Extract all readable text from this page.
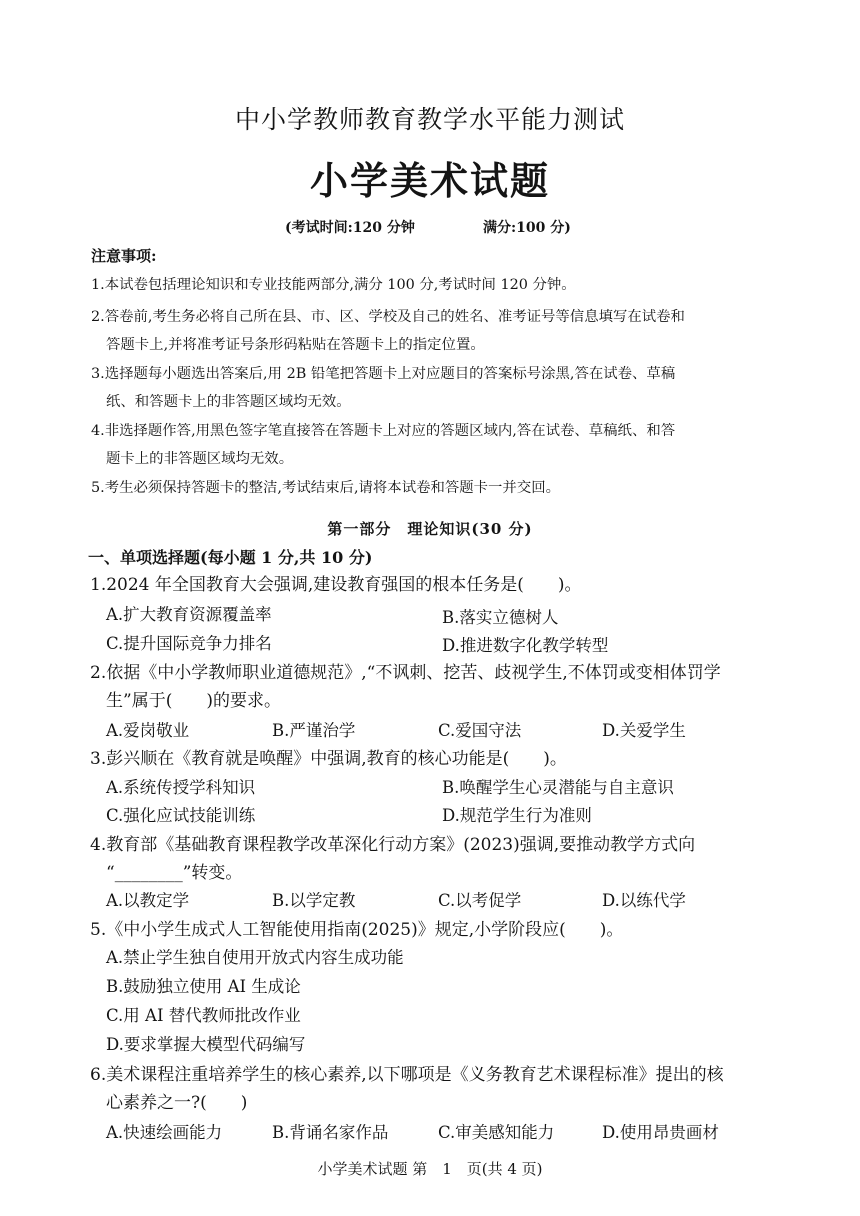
中小学教师教育教学水平能力测试
小学美术试题
(考试时间:120 分钟	满分:100 分)
注意事项:
1.本试卷包括理论知识和专业技能两部分,满分 100 分,考试时间 120 分钟。
2.答卷前,考生务必将自己所在县、市、区、学校及自己的姓名、准考证号等信息填写在试卷和
答题卡上,并将准考证号条形码粘贴在答题卡上的指定位置。
3.选择题每小题选出答案后,用 2B 铅笔把答题卡上对应题目的答案标号涂黑,答在试卷、草稿
纸、和答题卡上的非答题区域均无效。
4.非选择题作答,用黑色签字笔直接答在答题卡上对应的答题区域内,答在试卷、草稿纸、和答
题卡上的非答题区域均无效。
5.考生必须保持答题卡的整洁,考试结束后,请将本试卷和答题卡一并交回。
第一部分　理论知识(30 分)
一、单项选择题(每小题 1 分,共 10 分)
1.2024 年全国教育大会强调,建设教育强国的根本任务是(　　)。
A.扩大教育资源覆盖率	B.落实立德树人
C.提升国际竞争力排名	D.推进数字化教学转型
2.依据《中小学教师职业道德规范》,“不讽刺、挖苦、歧视学生,不体罚或变相体罚学
生”属于(　　)的要求。
A.爱岗敬业	B.严谨治学	C.爱国守法	D.关爱学生
3.彭兴顺在《教育就是唤醒》中强调,教育的核心功能是(　　)。
A.系统传授学科知识	B.唤醒学生心灵潜能与自主意识
C.强化应试技能训练	D.规范学生行为准则
4.教育部《基础教育课程教学改革深化行动方案》(2023)强调,要推动教学方式向
“________”转变。
A.以教定学	B.以学定教	C.以考促学	D.以练代学
5.《中小学生成式人工智能使用指南(2025)》规定,小学阶段应(　　)。
A.禁止学生独自使用开放式内容生成功能
B.鼓励独立使用 AI 生成论
C.用 AI 替代教师批改作业
D.要求掌握大模型代码编写
6.美术课程注重培养学生的核心素养,以下哪项是《义务教育艺术课程标准》提出的核
心素养之一?(　　)
A.快速绘画能力	B.背诵名家作品	C.审美感知能力	D.使用昂贵画材
小学美术试题 第　1　页(共 4 页)
